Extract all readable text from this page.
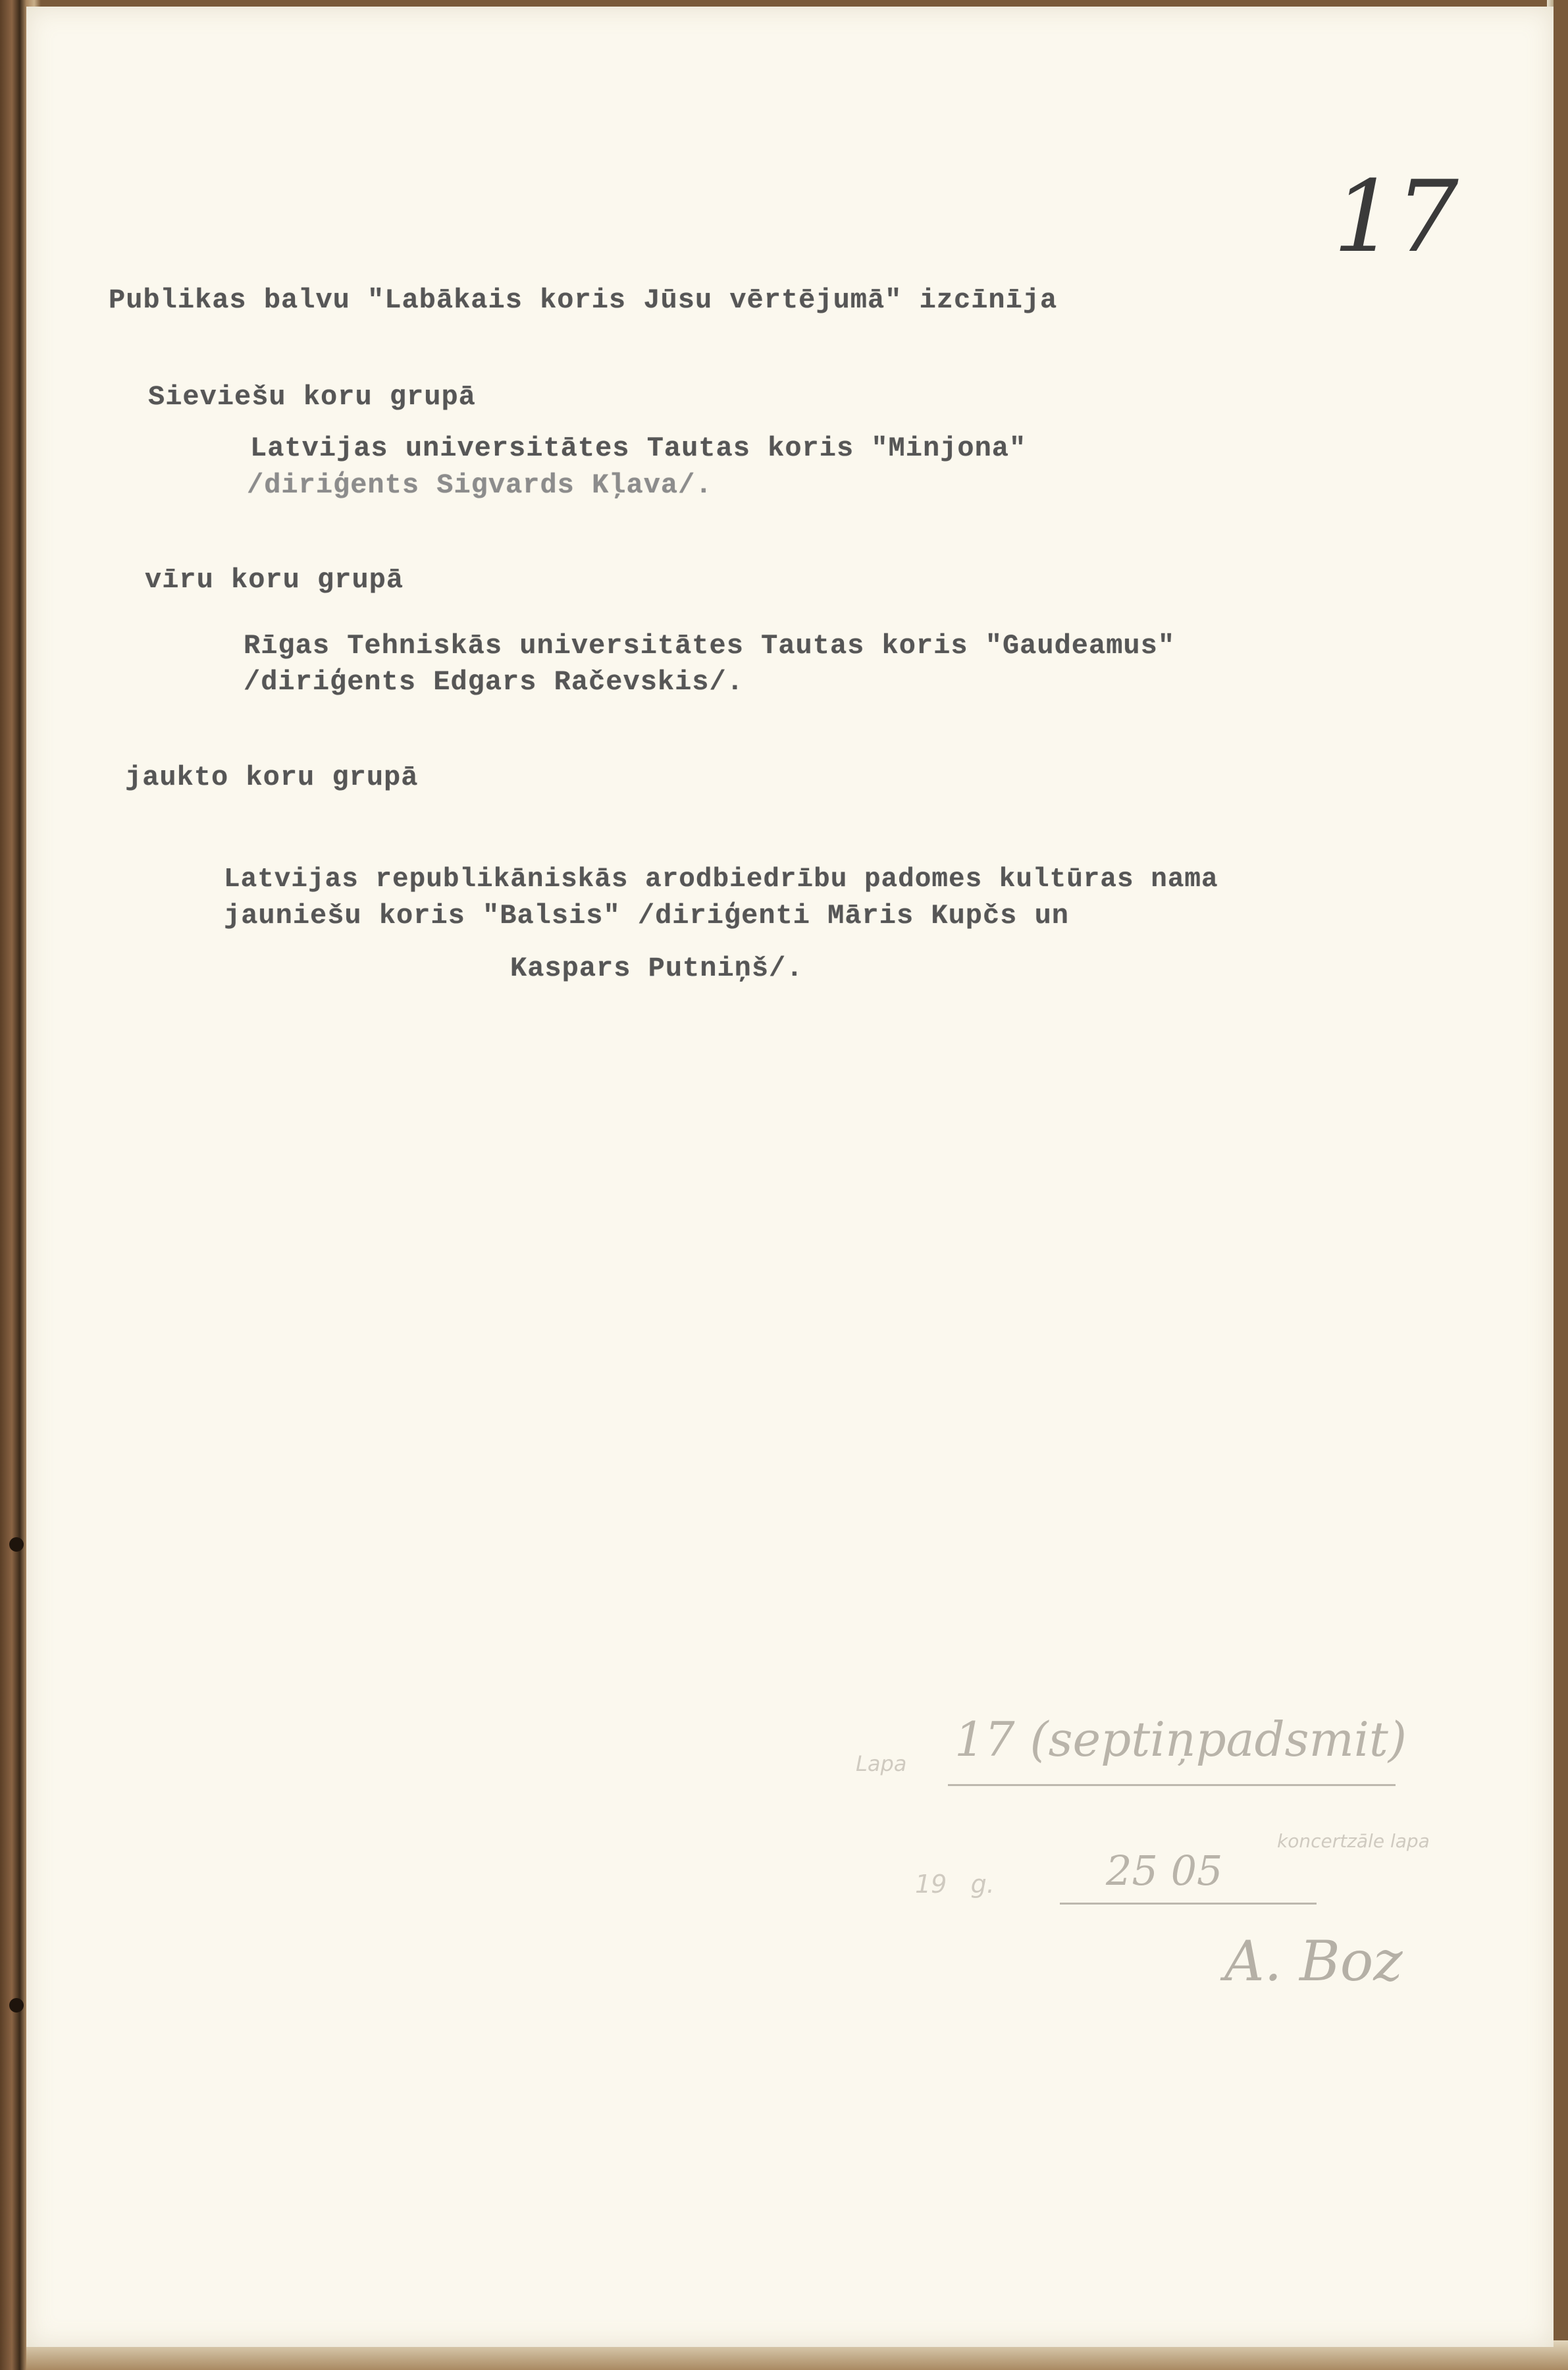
17

Publikas balvu "Labākais koris Jūsu vērtējumā" izcīnīja

Sieviešu koru grupā

Latvijas universitātes Tautas koris "Minjona"

/diriģents Sigvards Kļava/.

vīru koru grupā

Rīgas Tehniskās universitātes Tautas koris "Gaudeamus"

/diriģents Edgars Račevskis/.

jaukto koru grupā

Latvijas republikāniskās arodbiedrību padomes kultūras nama

jauniešu koris "Balsis" /diriģenti Māris Kupčs un

Kaspars Putniņš/.

Lapa 17 (septiņpadsmit)
koncertzāle lapa
19   g.	25 05
A. Boz
